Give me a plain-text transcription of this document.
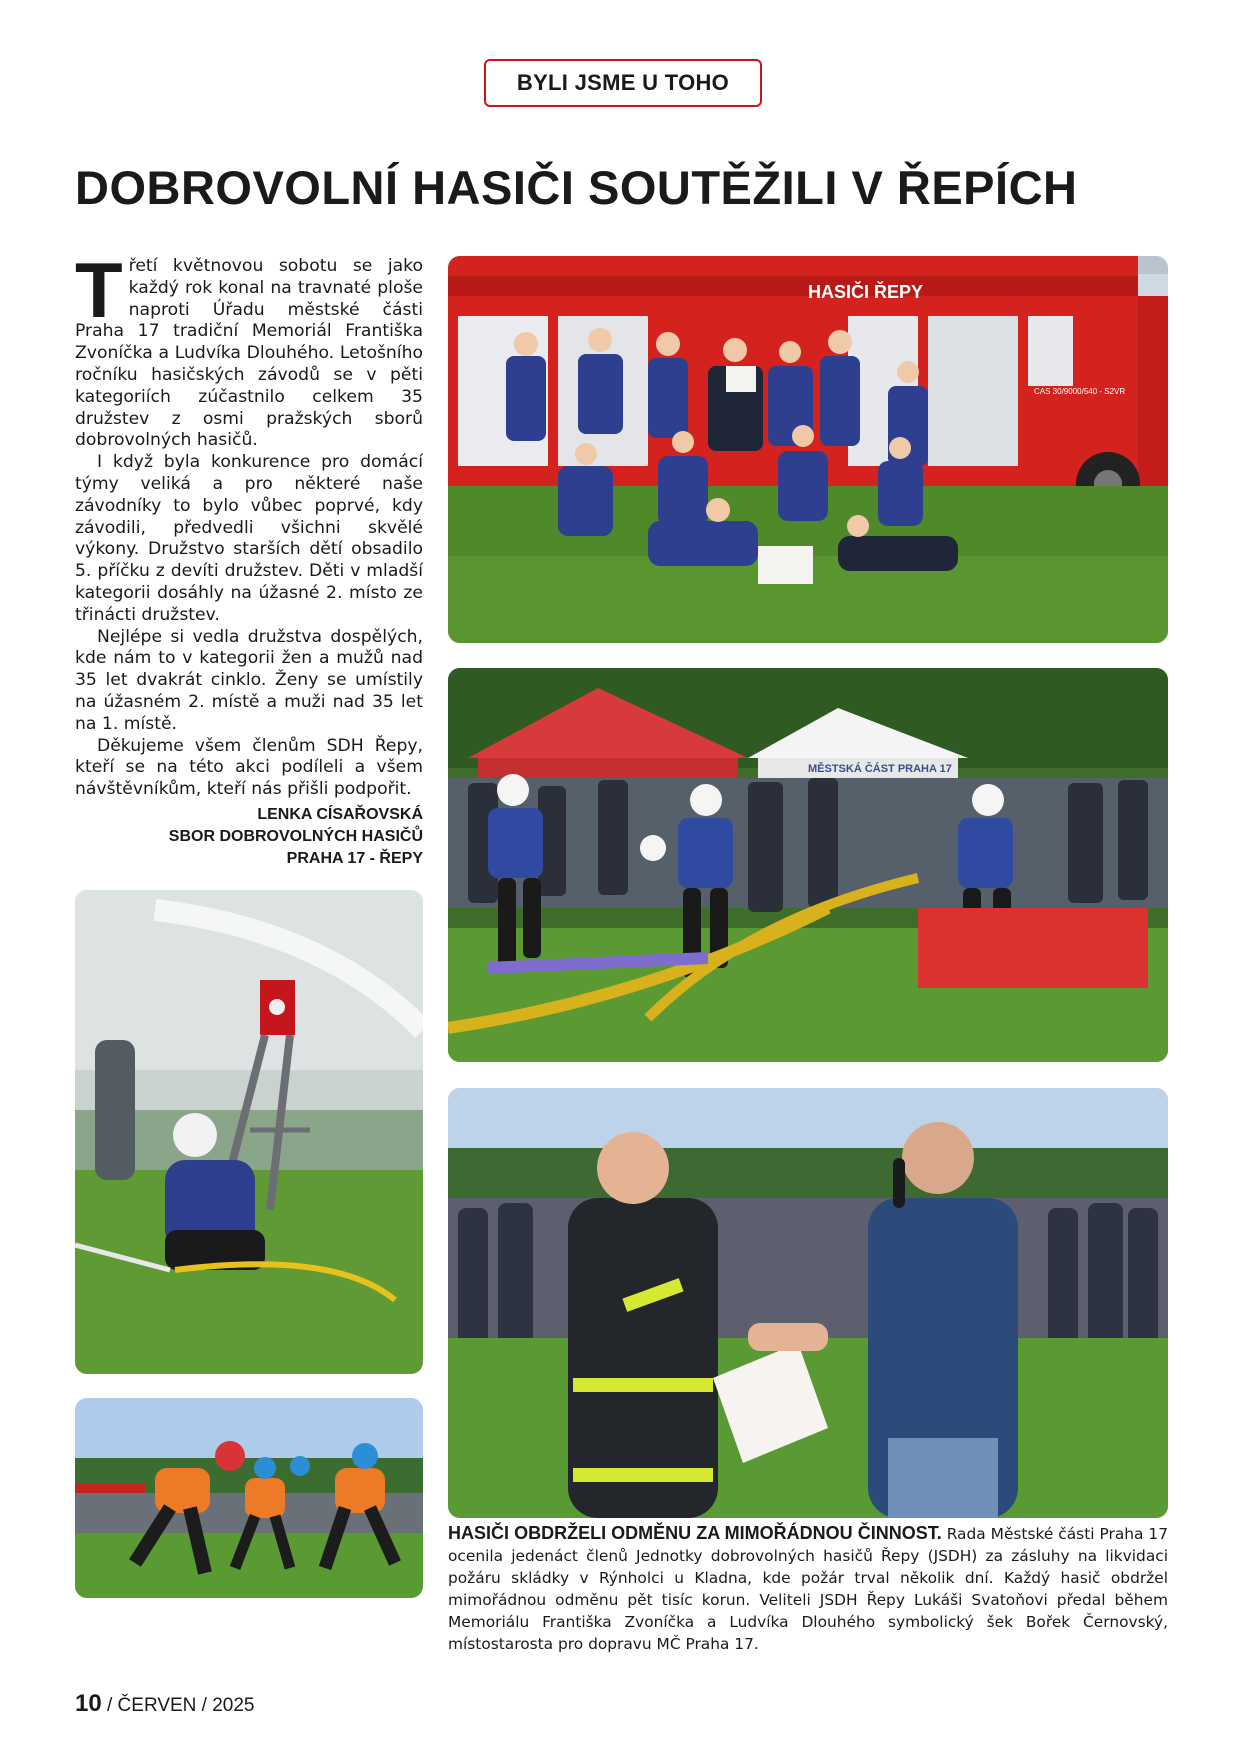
BYLI JSME U TOHO
DOBROVOLNÍ HASIČI SOUTĚŽILI V ŘEPÍCH

Třetí květnovou sobotu se jako každý rok konal na travnaté ploše naproti Úřadu městské části Praha 17 tradiční Memoriál Františka Zvoníčka a Ludvíka Dlouhého. Letošního ročníku hasičských závodů se v pěti kategoriích zúčastnilo celkem 35 družstev z osmi pražských sborů dobrovolných hasičů.

I když byla konkurence pro domácí týmy veliká a pro některé naše závodníky to bylo vůbec poprvé, kdy závodili, předvedli všichni skvělé výkony. Družstvo starších dětí obsadilo 5. příčku z devíti družstev. Děti v mladší kategorii dosáhly na úžasné 2. místo ze třinácti družstev.

Nejlépe si vedla družstva dospělých, kde nám to v kategorii žen a mužů nad 35 let dvakrát cinklo. Ženy se umístily na úžasném 2. místě a muži nad 35 let na 1. místě.

Děkujeme všem členům SDH Řepy, kteří se na této akci podíleli a všem návštěvníkům, kteří nás přišli podpořit.

LENKA CÍSAŘOVSKÁ
SBOR DOBROVOLNÝCH HASIČŮ
PRAHA 17 - ŘEPY
HASIČI ŘEPY
CAS 30/9000/540 - S2VR
MĚSTSKÁ ČÁST PRAHA 17
HASIČI OBDRŽELI ODMĚNU ZA MIMOŘÁDNOU ČINNOST. Rada Městské části Praha 17 ocenila jedenáct členů Jednotky dobrovolných hasičů Řepy (JSDH) za zásluhy na likvidaci požáru skládky v Rýnholci u Kladna, kde požár trval několik dní. Každý hasič obdržel mimořádnou odměnu pět tisíc korun. Veliteli JSDH Řepy Lukáši Svatoňovi předal během Memoriálu Františka Zvoníčka a Ludvíka Dlouhého symbolický šek Bořek Černovský, místostarosta pro dopravu MČ Praha 17.
10 / ČERVEN / 2025
